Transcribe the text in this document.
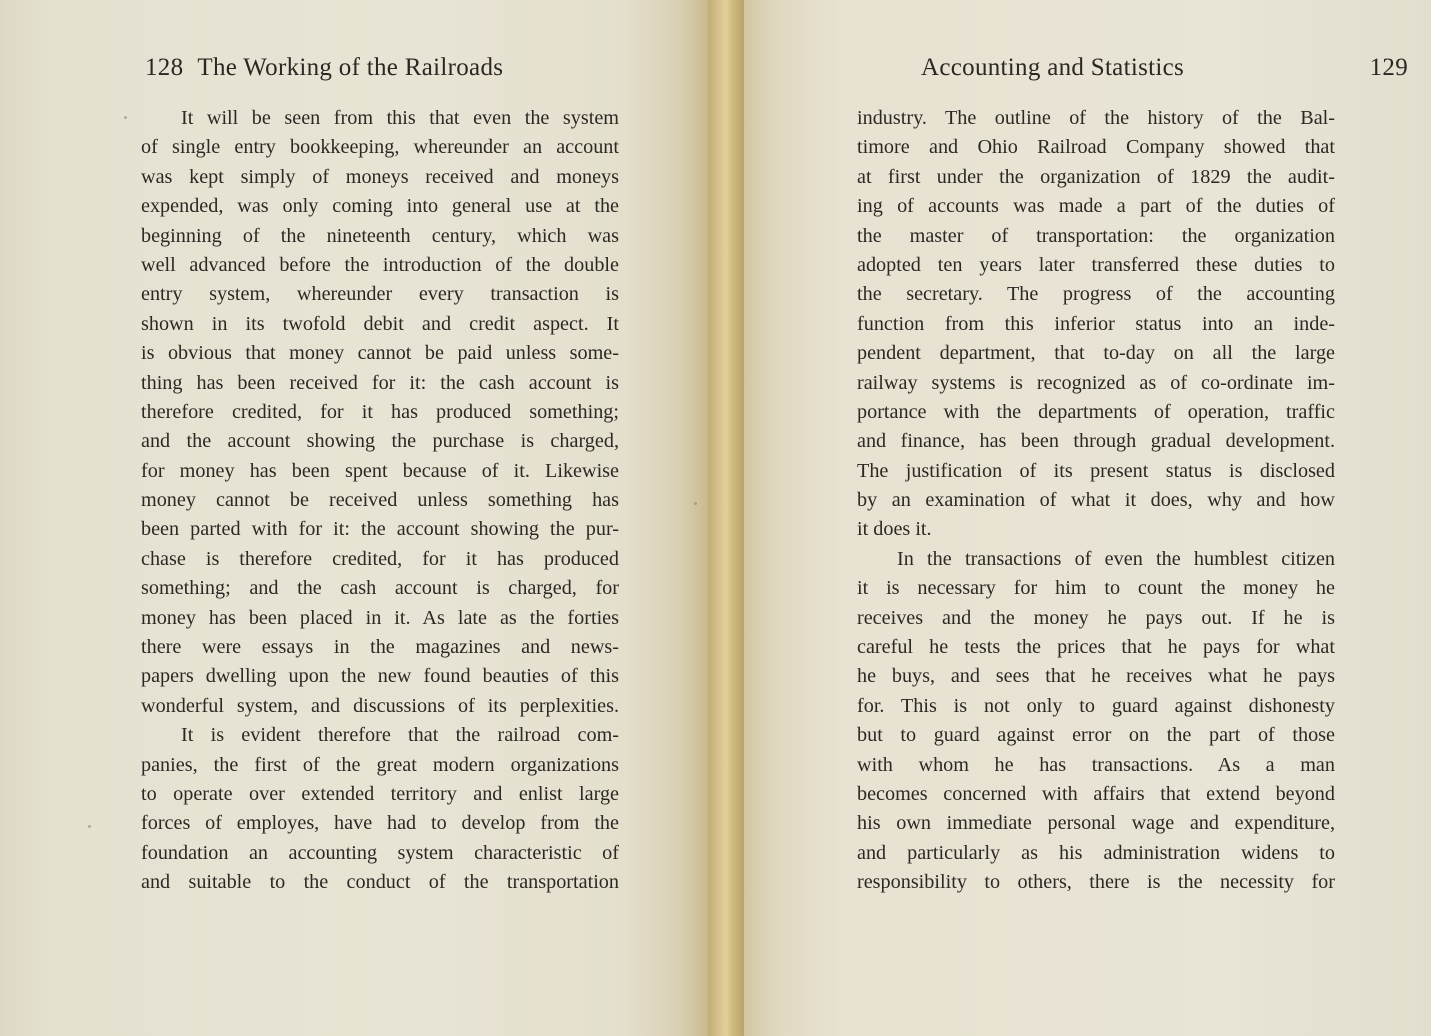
128 The Working of the Railroads
It will be seen from this that even the system
of single entry bookkeeping, whereunder an account
was kept simply of moneys received and moneys
expended, was only coming into general use at the
beginning of the nineteenth century, which was
well advanced before the introduction of the double
entry system, whereunder every transaction is
shown in its twofold debit and credit aspect. It
is obvious that money cannot be paid unless some-
thing has been received for it: the cash account is
therefore credited, for it has produced something;
and the account showing the purchase is charged,
for money has been spent because of it. Likewise
money cannot be received unless something has
been parted with for it: the account showing the pur-
chase is therefore credited, for it has produced
something; and the cash account is charged, for
money has been placed in it. As late as the forties
there were essays in the magazines and news-
papers dwelling upon the new found beauties of this
wonderful system, and discussions of its perplexities.
It is evident therefore that the railroad com-
panies, the first of the great modern organizations
to operate over extended territory and enlist large
forces of employes, have had to develop from the
foundation an accounting system characteristic of
and suitable to the conduct of the transportation
Accounting and Statistics	129
industry. The outline of the history of the Bal-
timore and Ohio Railroad Company showed that
at first under the organization of 1829 the audit-
ing of accounts was made a part of the duties of
the master of transportation: the organization
adopted ten years later transferred these duties to
the secretary. The progress of the accounting
function from this inferior status into an inde-
pendent department, that to-day on all the large
railway systems is recognized as of co-ordinate im-
portance with the departments of operation, traffic
and finance, has been through gradual development.
The justification of its present status is disclosed
by an examination of what it does, why and how
it does it.
In the transactions of even the humblest citizen
it is necessary for him to count the money he
receives and the money he pays out. If he is
careful he tests the prices that he pays for what
he buys, and sees that he receives what he pays
for. This is not only to guard against dishonesty
but to guard against error on the part of those
with whom he has transactions. As a man
becomes concerned with affairs that extend beyond
his own immediate personal wage and expenditure,
and particularly as his administration widens to
responsibility to others, there is the necessity for
